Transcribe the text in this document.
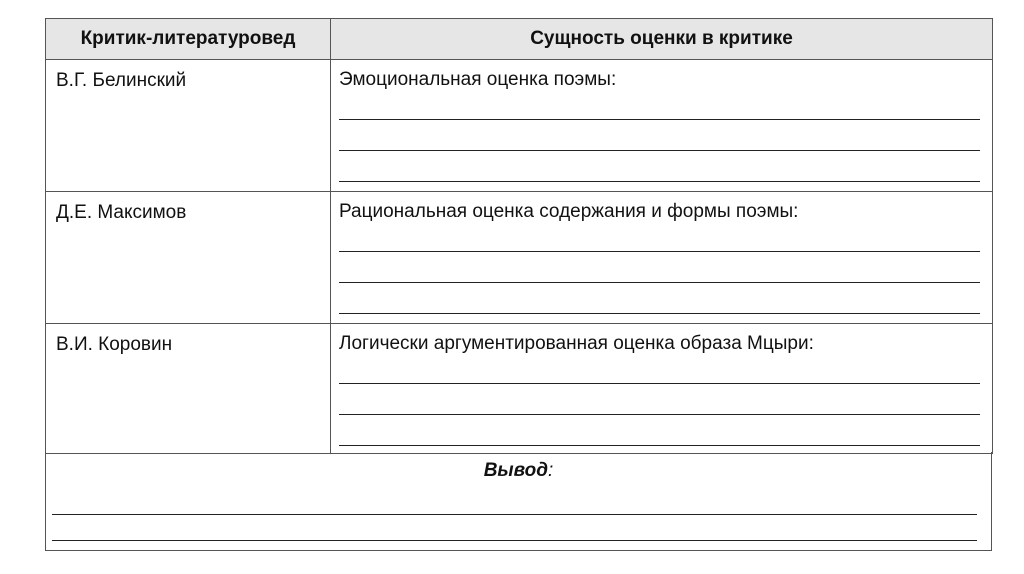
Критик-литературовед	Сущность оценки в критике
В.Г. Белинский	Эмоциональная оценка поэмы:

Д.Е. Максимов	Рациональная оценка содержания и формы поэмы:

В.И. Коровин	Логически аргументированная оценка образа Мцыри:
Вывод:
